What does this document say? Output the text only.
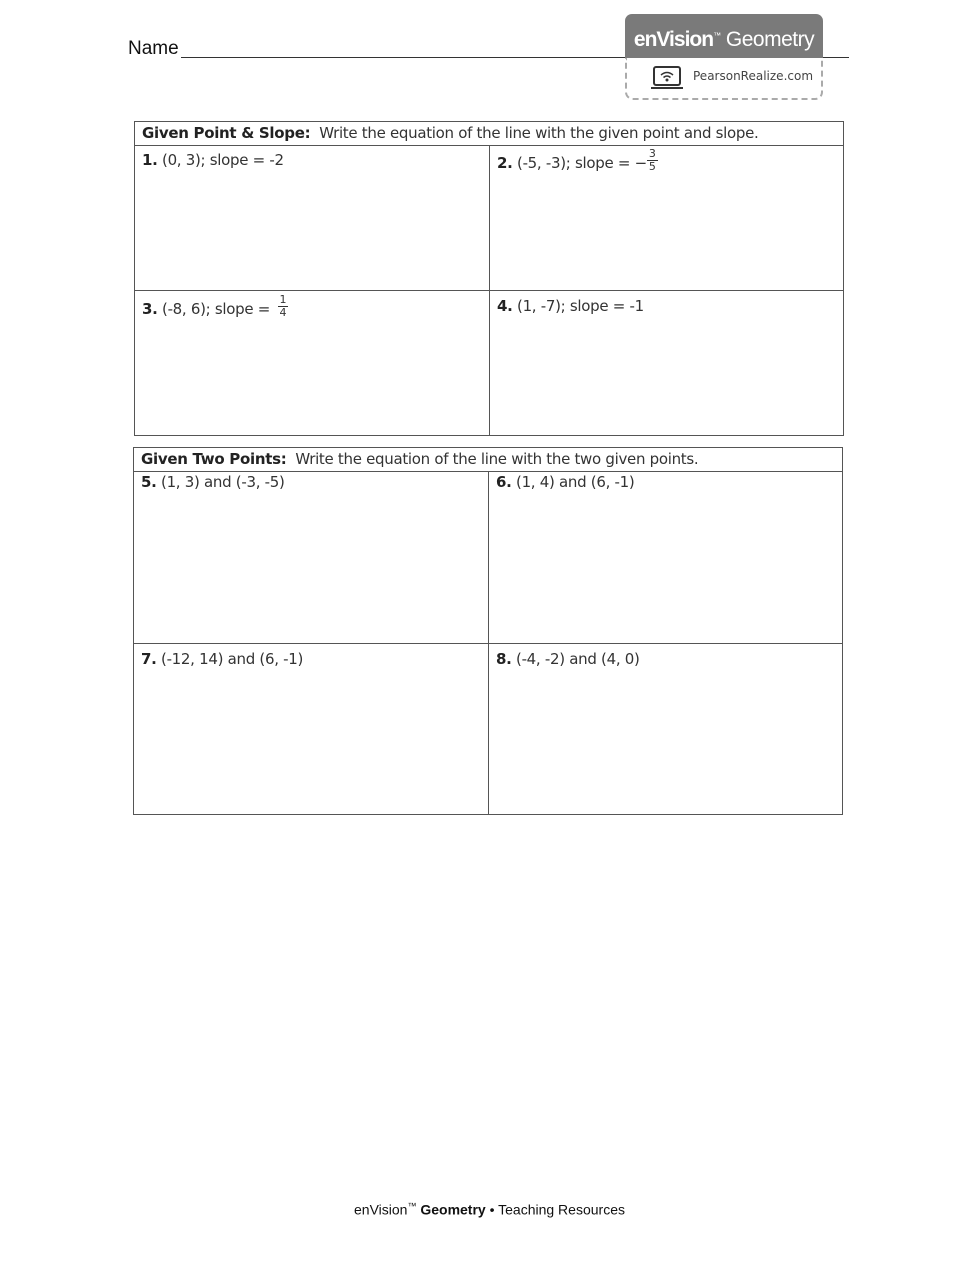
Name	enVision™ Geometry
PearsonRealize.com
Given Point & Slope: Write the equation of the line with the given point and slope.
1. (0, 3); slope = -2	2. (-5, -3); slope = − $\frac{3}{5}$
3. (-8, 6); slope = $\frac{1}{4}$	4. (1, -7); slope = -1
Given Two Points: Write the equation of the line with the two given points.
5. (1, 3) and (-3, -5)	6. (1, 4) and (6, -1)
7. (-12, 14) and (6, -1)	8. (-4, -2) and (4, 0)
enVision™ Geometry • Teaching Resources
